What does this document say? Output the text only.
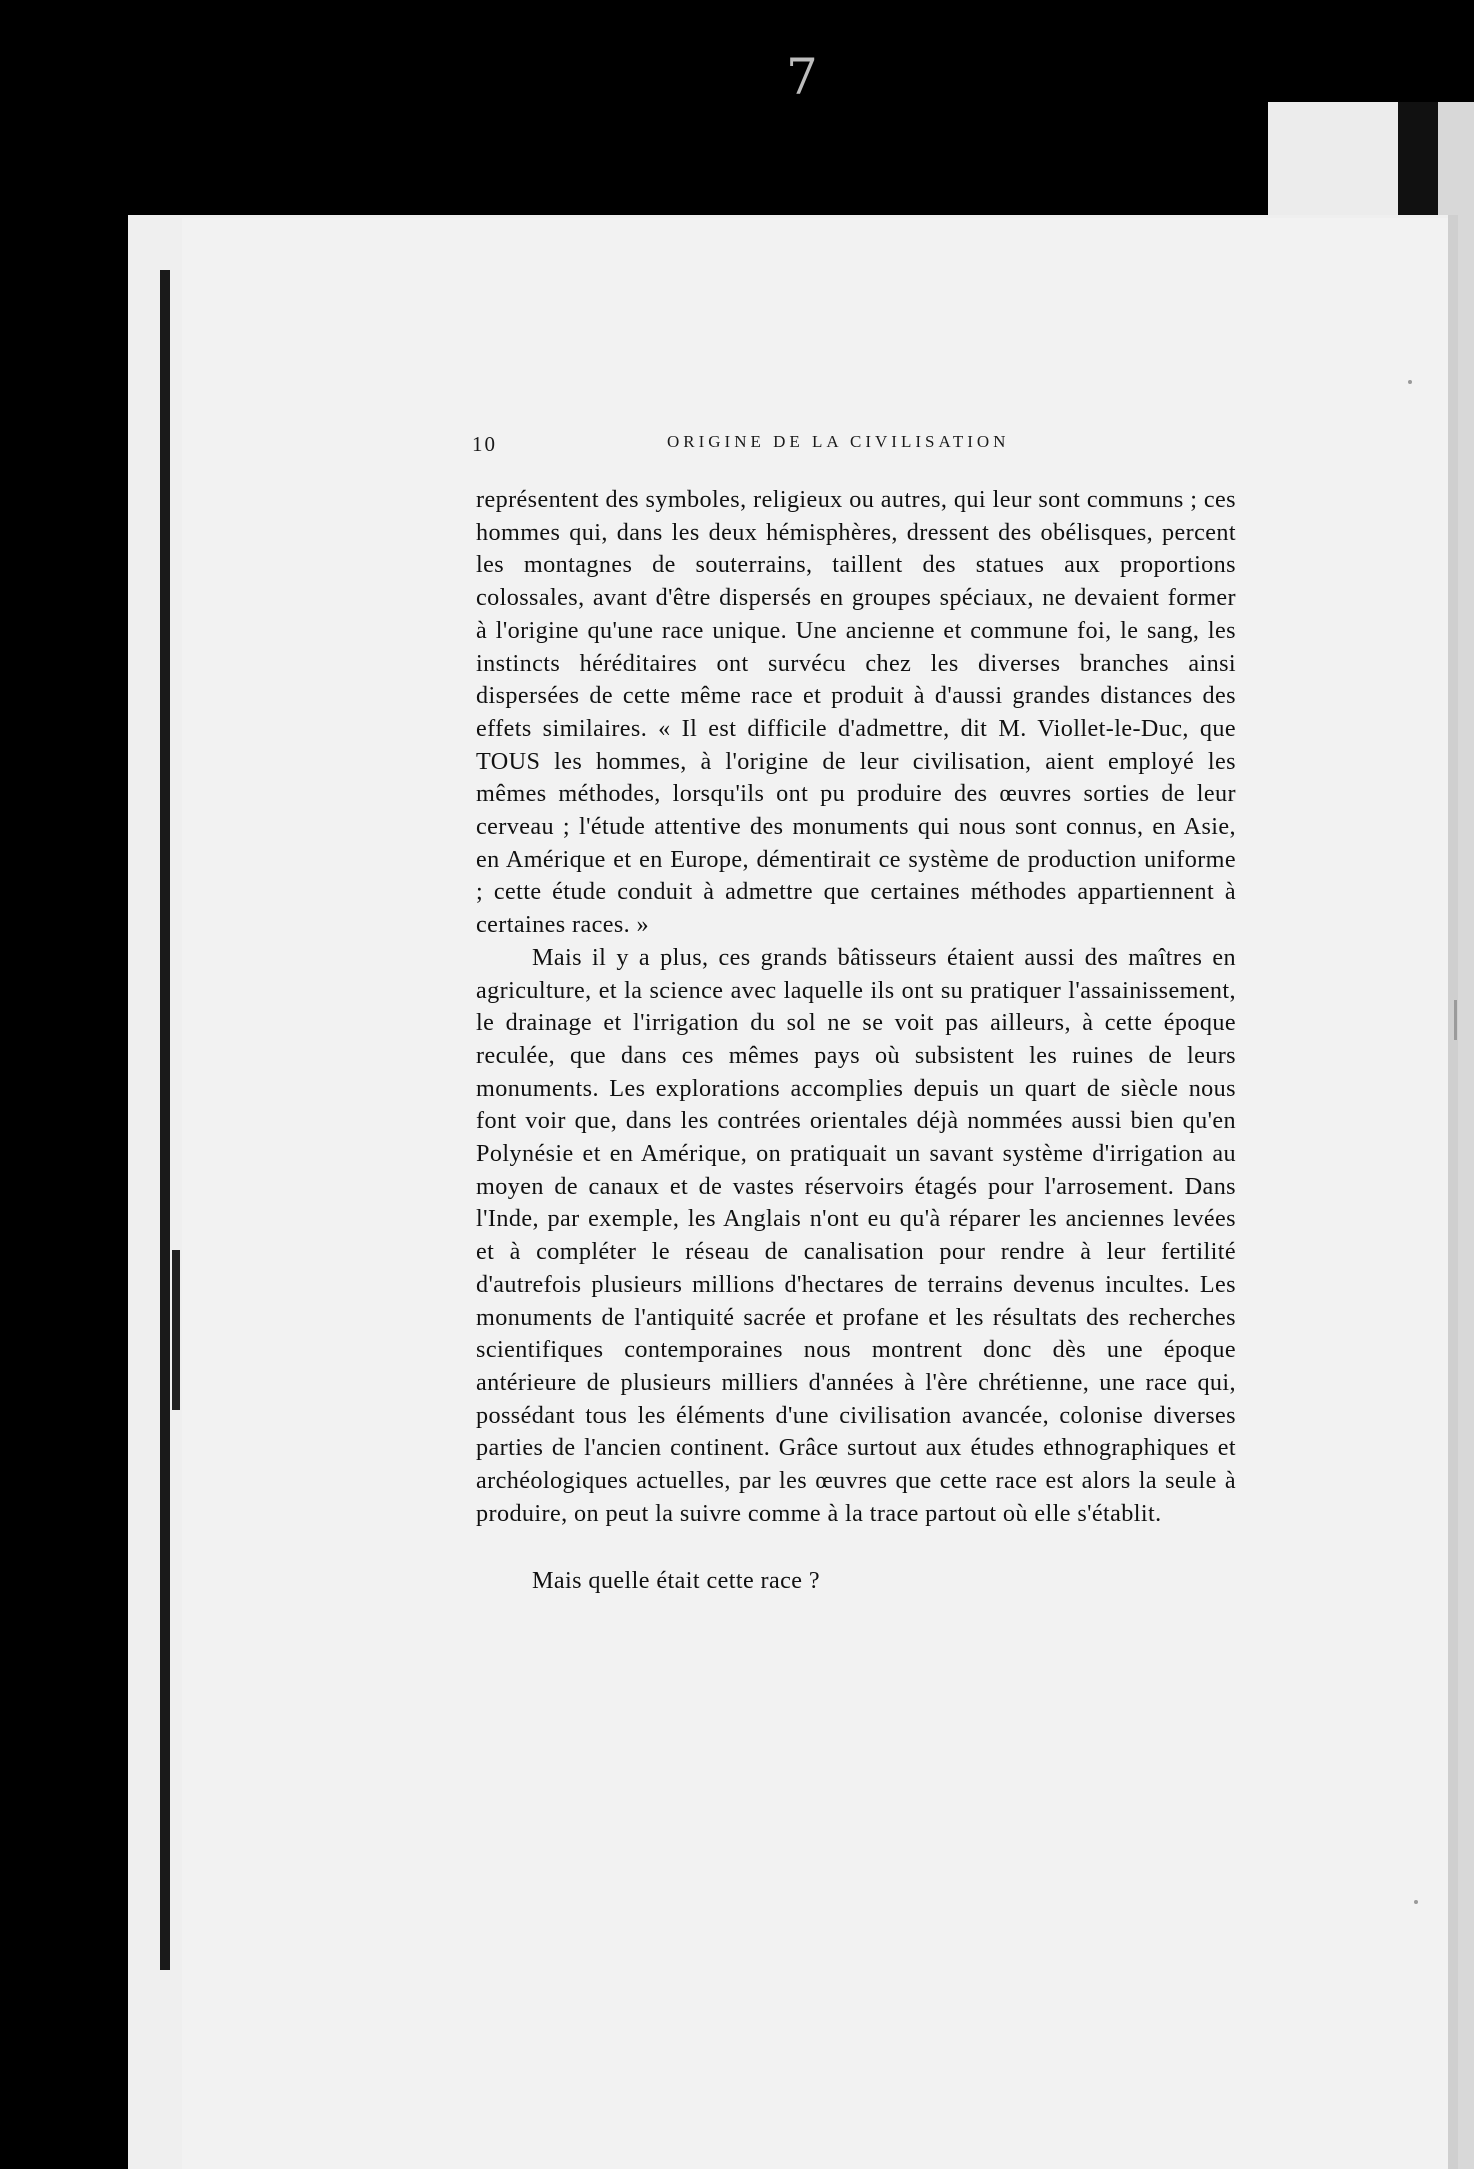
7
10	ORIGINE DE LA CIVILISATION

représentent des symboles, religieux ou autres, qui leur sont communs ; ces hommes qui, dans les deux hémisphères, dressent des obélisques, percent les montagnes de souterrains, taillent des statues aux proportions colossales, avant d'être dispersés en groupes spéciaux, ne devaient former à l'origine qu'une race unique. Une ancienne et commune foi, le sang, les instincts héréditaires ont survécu chez les diverses branches ainsi dispersées de cette même race et produit à d'aussi grandes distances des effets similaires. « Il est difficile d'admettre, dit M. Viollet-le-Duc, que TOUS les hommes, à l'origine de leur civilisation, aient employé les mêmes méthodes, lorsqu'ils ont pu produire des œuvres sorties de leur cerveau ; l'étude attentive des monuments qui nous sont connus, en Asie, en Amérique et en Europe, démentirait ce système de production uniforme ; cette étude conduit à admettre que certaines méthodes appartiennent à certaines races. »

Mais il y a plus, ces grands bâtisseurs étaient aussi des maîtres en agriculture, et la science avec laquelle ils ont su pratiquer l'assainissement, le drainage et l'irrigation du sol ne se voit pas ailleurs, à cette époque reculée, que dans ces mêmes pays où subsistent les ruines de leurs monuments. Les explorations accomplies depuis un quart de siècle nous font voir que, dans les contrées orientales déjà nommées aussi bien qu'en Polynésie et en Amérique, on pratiquait un savant système d'irrigation au moyen de canaux et de vastes réservoirs étagés pour l'arrosement. Dans l'Inde, par exemple, les Anglais n'ont eu qu'à réparer les anciennes levées et à compléter le réseau de canalisation pour rendre à leur fertilité d'autrefois plusieurs millions d'hectares de terrains devenus incultes. Les monuments de l'antiquité sacrée et profane et les résultats des recherches scientifiques contemporaines nous montrent donc dès une époque antérieure de plusieurs milliers d'années à l'ère chrétienne, une race qui, possédant tous les éléments d'une civilisation avancée, colonise diverses parties de l'ancien continent. Grâce surtout aux études ethnographiques et archéologiques actuelles, par les œuvres que cette race est alors la seule à produire, on peut la suivre comme à la trace partout où elle s'établit.

Mais quelle était cette race ?
